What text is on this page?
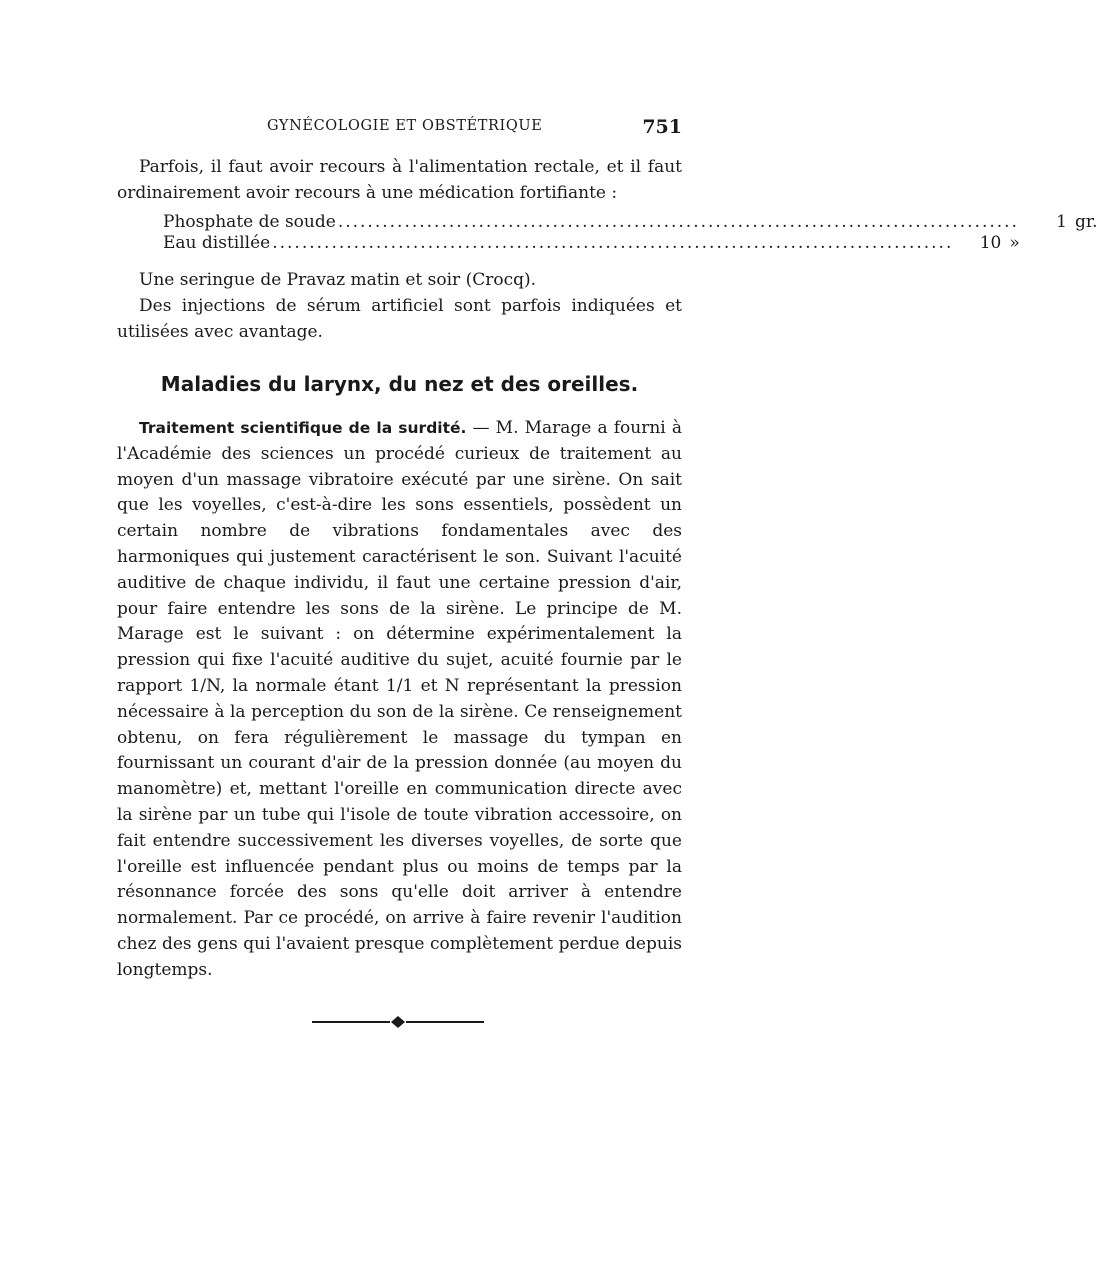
GYNÉCOLOGIE ET OBSTÉTRIQUE	751

Parfois, il faut avoir recours à l'alimentation rectale, et il faut ordinairement avoir recours à une médication fortifiante :

Phosphate de soude ............................................................................................	1 gr.
Eau distillée ............................................................................................	10 »

Une seringue de Pravaz matin et soir (Crocq).

Des injections de sérum artificiel sont parfois indiquées et utilisées avec avantage.

Maladies du larynx, du nez et des oreilles.

Traitement scientifique de la surdité. — M. Marage a fourni à l'Académie des sciences un procédé curieux de traitement au moyen d'un massage vibratoire exécuté par une sirène. On sait que les voyelles, c'est-à-dire les sons essentiels, possèdent un certain nombre de vibrations fondamentales avec des harmoniques qui justement caractérisent le son. Suivant l'acuité auditive de chaque individu, il faut une certaine pression d'air, pour faire entendre les sons de la sirène. Le principe de M. Marage est le suivant : on détermine expérimentalement la pression qui fixe l'acuité auditive du sujet, acuité fournie par le rapport 1/N, la normale étant 1/1 et N représentant la pression nécessaire à la perception du son de la sirène. Ce renseignement obtenu, on fera régulièrement le massage du tympan en fournissant un courant d'air de la pression donnée (au moyen du manomètre) et, mettant l'oreille en communication directe avec la sirène par un tube qui l'isole de toute vibration accessoire, on fait entendre successivement les diverses voyelles, de sorte que l'oreille est influencée pendant plus ou moins de temps par la résonnance forcée des sons qu'elle doit arriver à entendre normalement. Par ce procédé, on arrive à faire revenir l'audition chez des gens qui l'avaient presque complètement perdue depuis longtemps.
